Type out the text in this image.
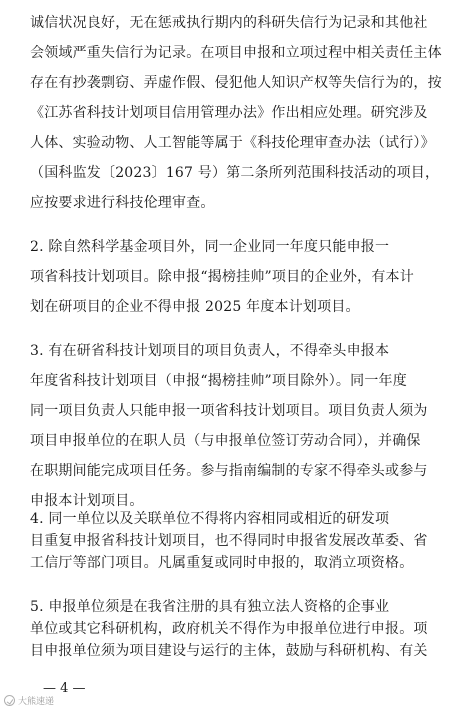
诚信状况良好，无在惩戒执行期内的科研失信行为记录和其他社
会领域严重失信行为记录。在项目申报和立项过程中相关责任主体
存在有抄袭剽窃、弄虚作假、侵犯他人知识产权等失信行为的，按
《江苏省科技计划项目信用管理办法》作出相应处理。研究涉及
人体、实验动物、人工智能等属于《科技伦理审查办法（试行）》
（国科监发〔2023〕167 号）第二条所列范围科技活动的项目，
应按要求进行科技伦理审查。
2. 除自然科学基金项目外，同一企业同一年度只能申报一
项省科技计划项目。除申报“揭榜挂帅”项目的企业外，有本计
划在研项目的企业不得申报 2025 年度本计划项目。
3. 有在研省科技计划项目的项目负责人，不得牵头申报本
年度省科技计划项目（申报“揭榜挂帅”项目除外）。同一年度
同一项目负责人只能申报一项省科技计划项目。项目负责人须为
项目申报单位的在职人员（与申报单位签订劳动合同），并确保
在职期间能完成项目任务。参与指南编制的专家不得牵头或参与
申报本计划项目。
4. 同一单位以及关联单位不得将内容相同或相近的研发项
目重复申报省科技计划项目，也不得同时申报省发展改革委、省
工信厅等部门项目。凡属重复或同时申报的，取消立项资格。
5. 申报单位须是在我省注册的具有独立法人资格的企事业
— 4 —
大熊速递
单位或其它科研机构，政府机关不得作为申报单位进行申报。项
目申报单位须为项目建设与运行的主体，鼓励与科研机构、有关
